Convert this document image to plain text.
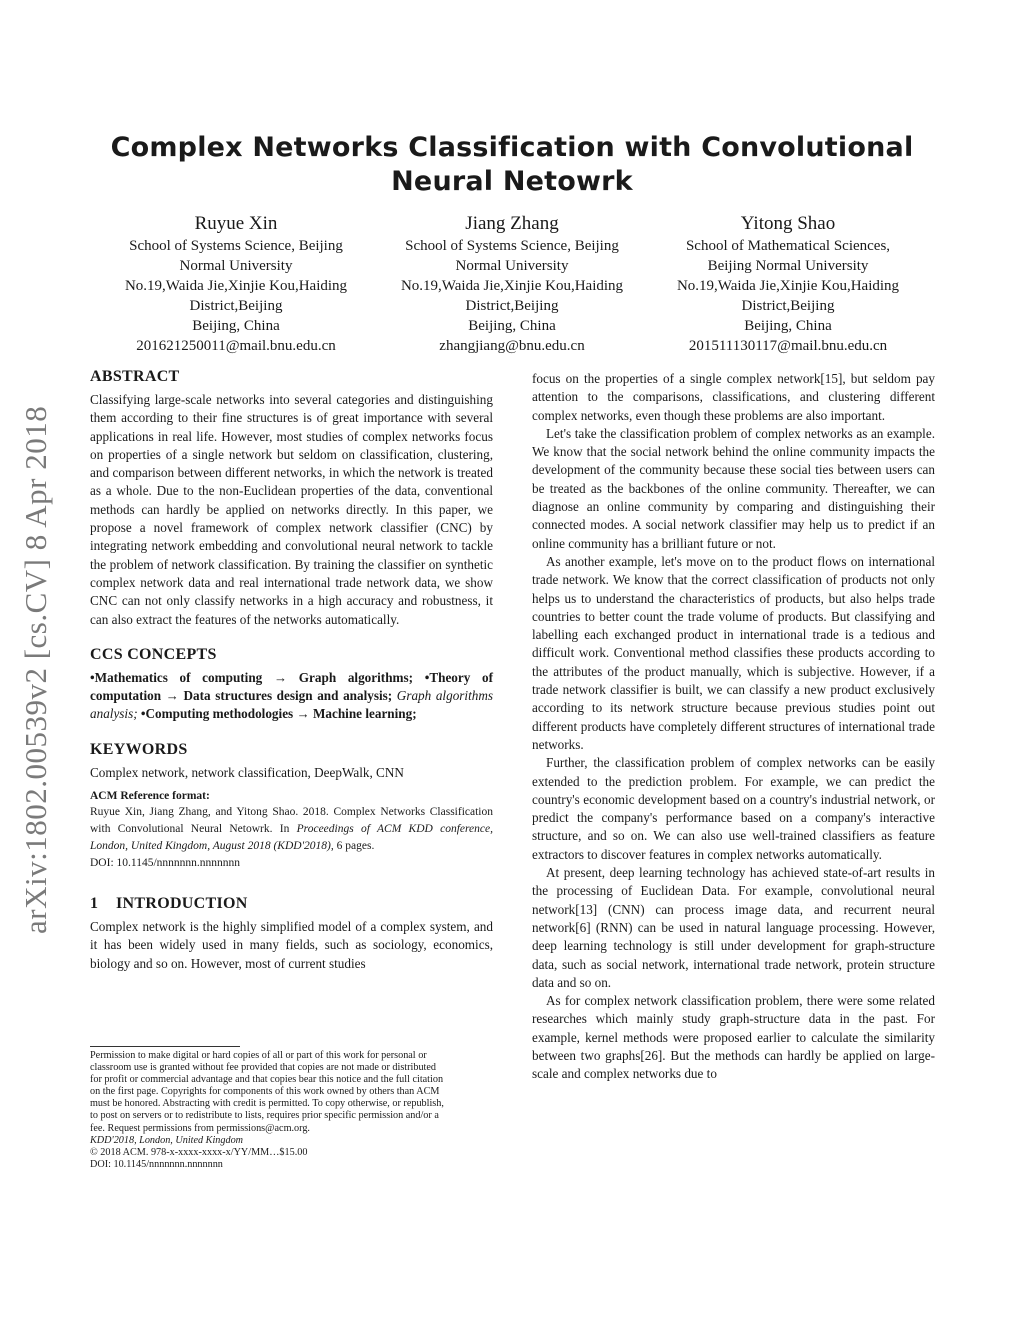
Complex Networks Classification with Convolutional Neural Netowrk
Ruyue Xin
School of Systems Science, Beijing
Normal University
No.19,Waida Jie,Xinjie Kou,Haiding
District,Beijing
Beijing, China
201621250011@mail.bnu.edu.cn
Jiang Zhang
School of Systems Science, Beijing
Normal University
No.19,Waida Jie,Xinjie Kou,Haiding
District,Beijing
Beijing, China
zhangjiang@bnu.edu.cn
Yitong Shao
School of Mathematical Sciences,
Beijing Normal University
No.19,Waida Jie,Xinjie Kou,Haiding
District,Beijing
Beijing, China
201511130117@mail.bnu.edu.cn
arXiv:1802.00539v2 [cs.CV] 8 Apr 2018
ABSTRACT

Classifying large-scale networks into several categories and distinguishing them according to their fine structures is of great importance with several applications in real life. However, most studies of complex networks focus on properties of a single network but seldom on classification, clustering, and comparison between different networks, in which the network is treated as a whole. Due to the non-Euclidean properties of the data, conventional methods can hardly be applied on networks directly. In this paper, we propose a novel framework of complex network classifier (CNC) by integrating network embedding and convolutional neural network to tackle the problem of network classification. By training the classifier on synthetic complex network data and real international trade network data, we show CNC can not only classify networks in a high accuracy and robustness, it can also extract the features of the networks automatically.

CCS CONCEPTS

•Mathematics of computing → Graph algorithms; •Theory of computation → Data structures design and analysis; Graph algorithms analysis; •Computing methodologies → Machine learning;

KEYWORDS

Complex network, network classification, DeepWalk, CNN

ACM Reference format:

Ruyue Xin, Jiang Zhang, and Yitong Shao. 2018. Complex Networks Classification with Convolutional Neural Netowrk. In Proceedings of ACM KDD conference, London, United Kingdom, August 2018 (KDD'2018), 6 pages.

DOI: 10.1145/nnnnnnn.nnnnnnn

1 INTRODUCTION

Complex network is the highly simplified model of a complex system, and it has been widely used in many fields, such as sociology, economics, biology and so on. However, most of current studies

Permission to make digital or hard copies of all or part of this work for personal or
classroom use is granted without fee provided that copies are not made or distributed
for profit or commercial advantage and that copies bear this notice and the full citation
on the first page. Copyrights for components of this work owned by others than ACM
must be honored. Abstracting with credit is permitted. To copy otherwise, or republish,
to post on servers or to redistribute to lists, requires prior specific permission and/or a
fee. Request permissions from permissions@acm.org.
KDD'2018, London, United Kingdom
© 2018 ACM. 978-x-xxxx-xxxx-x/YY/MM…$15.00
DOI: 10.1145/nnnnnnn.nnnnnnn

focus on the properties of a single complex network[15], but seldom pay attention to the comparisons, classifications, and clustering different complex networks, even though these problems are also important.

Let's take the classification problem of complex networks as an example. We know that the social network behind the online community impacts the development of the community because these social ties between users can be treated as the backbones of the online community. Thereafter, we can diagnose an online community by comparing and distinguishing their connected modes. A social network classifier may help us to predict if an online community has a brilliant future or not.

As another example, let's move on to the product flows on international trade network. We know that the correct classification of products not only helps us to understand the characteristics of products, but also helps trade countries to better count the trade volume of products. But classifying and labelling each exchanged product in international trade is a tedious and difficult work. Conventional method classifies these products according to the attributes of the product manually, which is subjective. However, if a trade network classifier is built, we can classify a new product exclusively according to its network structure because previous studies point out different products have completely different structures of international trade networks.

Further, the classification problem of complex networks can be easily extended to the prediction problem. For example, we can predict the country's economic development based on a country's industrial network, or predict the company's performance based on a company's interactive structure, and so on. We can also use well-trained classifiers as feature extractors to discover features in complex networks automatically.

At present, deep learning technology has achieved state-of-art results in the processing of Euclidean Data. For example, convolutional neural network[13] (CNN) can process image data, and recurrent neural network[6] (RNN) can be used in natural language processing. However, deep learning technology is still under development for graph-structure data, such as social network, international trade network, protein structure data and so on.

As for complex network classification problem, there were some related researches which mainly study graph-structure data in the past. For example, kernel methods were proposed earlier to calculate the similarity between two graphs[26]. But the methods can hardly be applied on large-scale and complex networks due to
